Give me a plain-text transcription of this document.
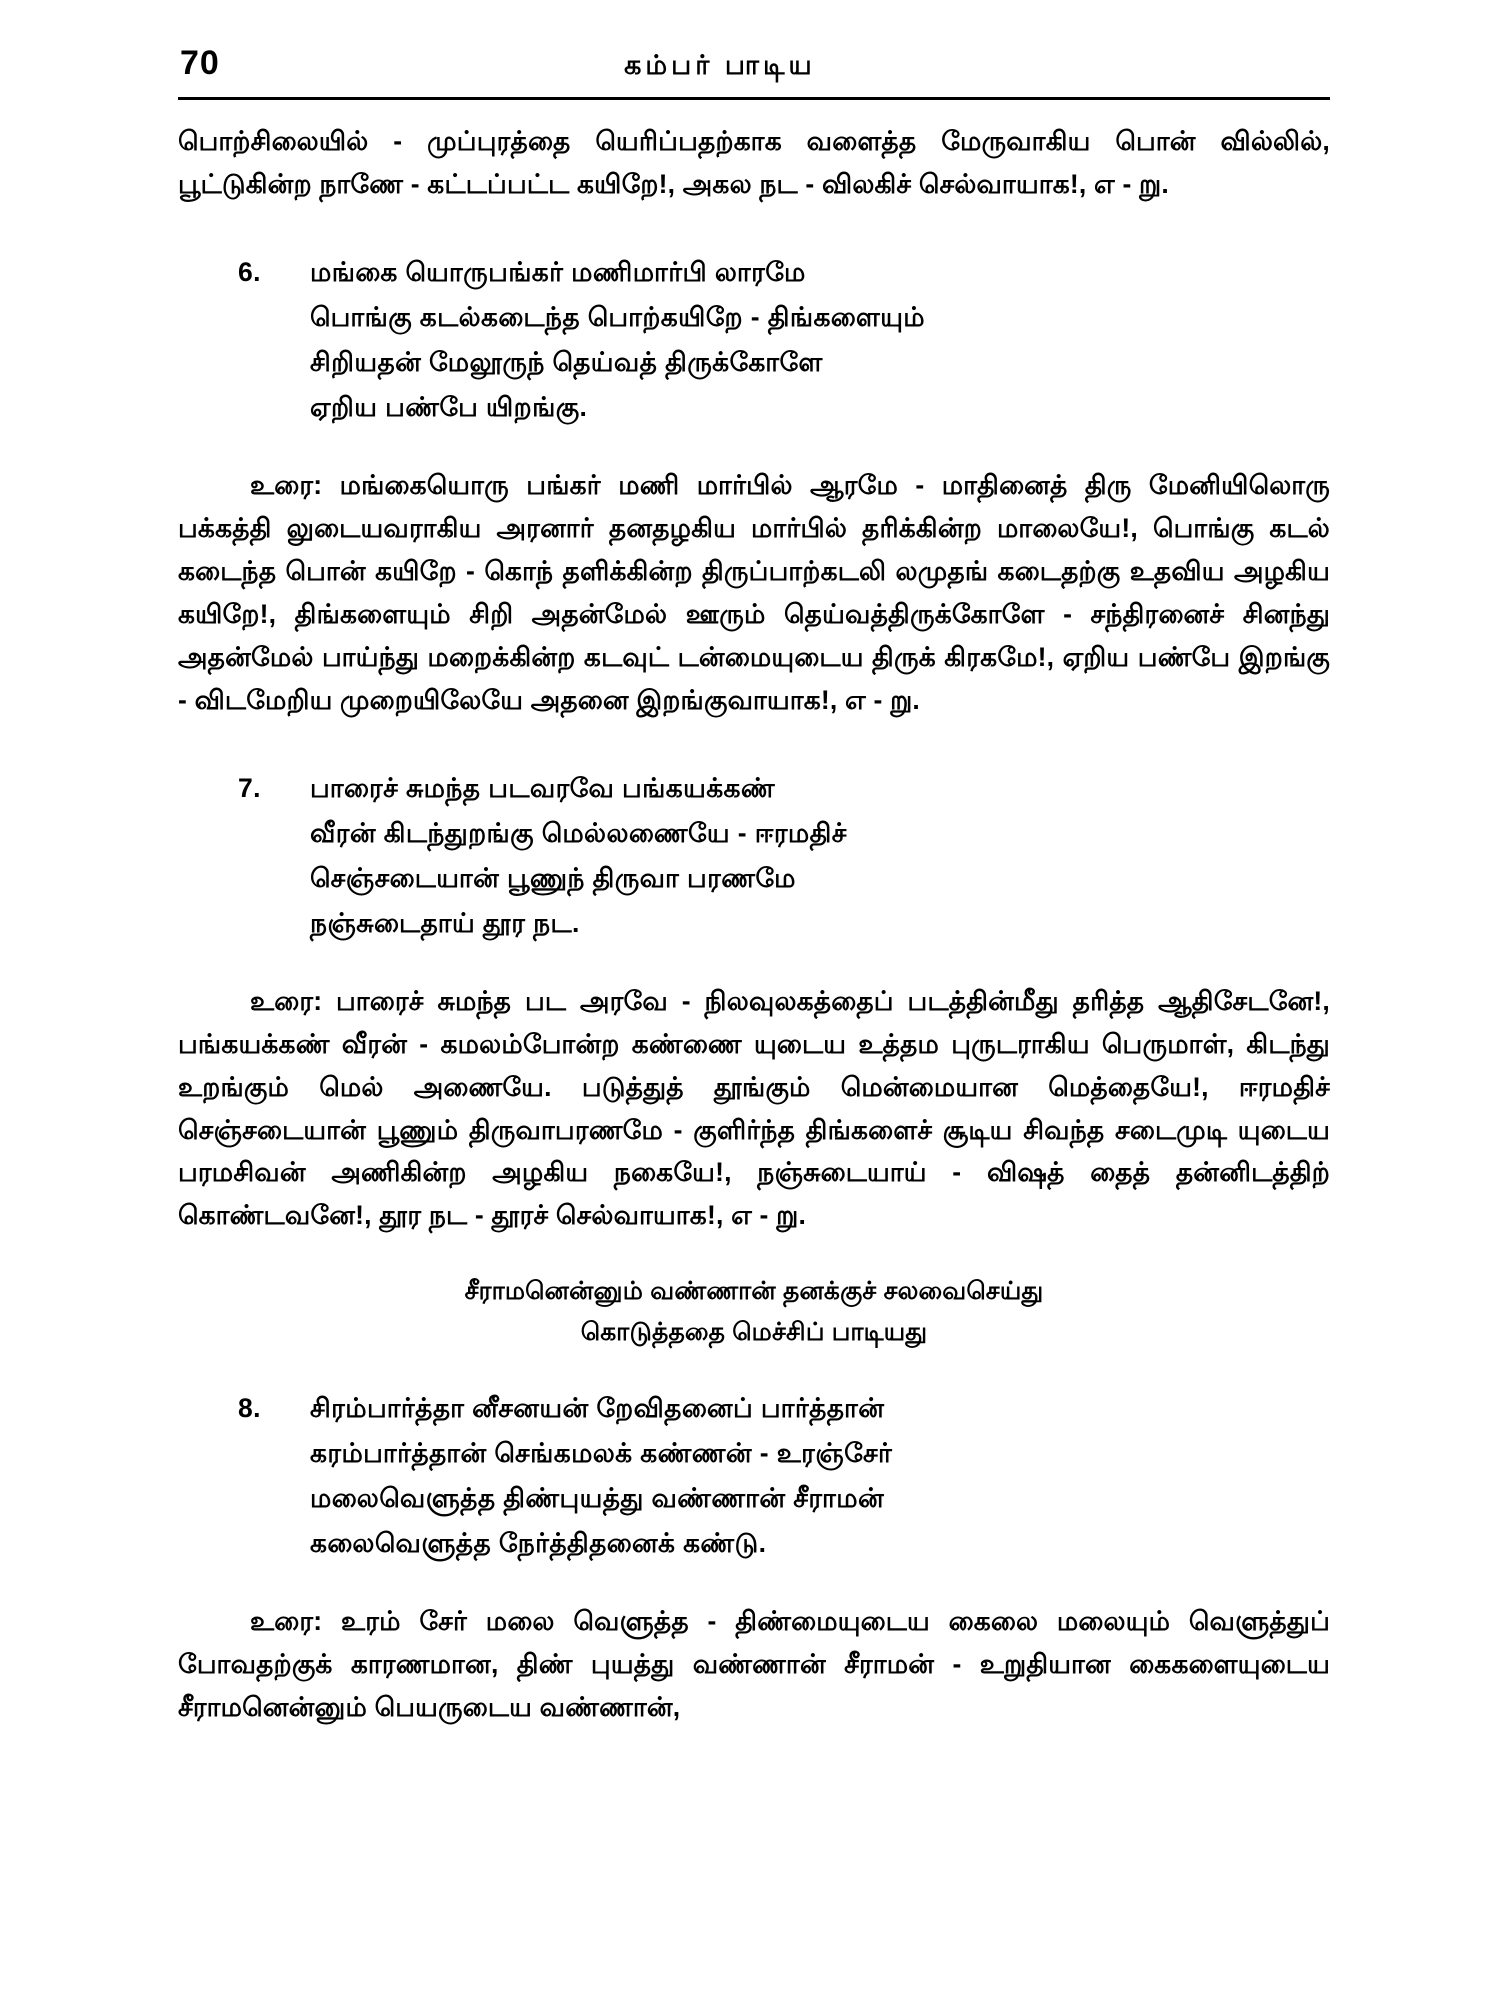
70	கம்பர் பாடிய

பொற்சிலையில் - முப்புரத்தை யெரிப்பதற்காக வளைத்த மேருவாகிய பொன் வில்லில், பூட்டுகின்ற நாணே - கட்டப்பட்ட கயிறே!, அகல நட - விலகிச் செல்வாயாக!, எ - று.

6.	மங்கை யொருபங்கர் மணிமார்பி லாரமே
பொங்கு கடல்கடைந்த பொற்கயிறே - திங்களையும்
சிறியதன் மேலூருந் தெய்வத் திருக்கோளே
ஏறிய பண்பே யிறங்கு.

உரை: மங்கையொரு பங்கர் மணி மார்பில் ஆரமே - மாதினைத் திரு மேனியிலொரு பக்கத்தி லுடையவராகிய அரனார் தனதழகிய மார்பில் தரிக்கின்ற மாலையே!, பொங்கு கடல் கடைந்த பொன் கயிறே - கொந் தளிக்கின்ற திருப்பாற்கடலி லமுதங் கடைதற்கு உதவிய அழகிய கயிறே!, திங்களையும் சிறி அதன்மேல் ஊரும் தெய்வத்திருக்கோளே - சந்திரனைச் சினந்து அதன்மேல் பாய்ந்து மறைக்கின்ற கடவுட் டன்மையுடைய திருக் கிரகமே!, ஏறிய பண்பே இறங்கு - விடமேறிய முறையிலேயே அதனை இறங்குவாயாக!, எ - று.

7.	பாரைச் சுமந்த படவரவே பங்கயக்கண்
வீரன் கிடந்துறங்கு மெல்லணையே - ஈரமதிச்
செஞ்சடையான் பூணுந் திருவா பரணமே
நஞ்சுடைதாய் தூர நட.

உரை: பாரைச் சுமந்த பட அரவே - நிலவுலகத்தைப் படத்தின்மீது தரித்த ஆதிசேடனே!, பங்கயக்கண் வீரன் - கமலம்போன்ற கண்ணை யுடைய உத்தம புருடராகிய பெருமாள், கிடந்து உறங்கும் மெல் அணையே. படுத்துத் தூங்கும் மென்மையான மெத்தையே!, ஈரமதிச் செஞ்சடையான் பூணும் திருவாபரணமே - குளிர்ந்த திங்களைச் சூடிய சிவந்த சடைமுடி யுடைய பரமசிவன் அணிகின்ற அழகிய நகையே!, நஞ்சுடையாய் - விஷத் தைத் தன்னிடத்திற் கொண்டவனே!, தூர நட - தூரச் செல்வாயாக!, எ - று.

சீராமனென்னும் வண்ணான் தனக்குச் சலவைசெய்து

கொடுத்ததை மெச்சிப் பாடியது

8.	சிரம்பார்த்தா னீசனயன் றேவிதனைப் பார்த்தான்
கரம்பார்த்தான் செங்கமலக் கண்ணன் - உரஞ்சேர்
மலைவெளுத்த திண்புயத்து வண்ணான் சீராமன்
கலைவெளுத்த நேர்த்திதனைக் கண்டு.

உரை: உரம் சேர் மலை வெளுத்த - திண்மையுடைய கைலை மலையும் வெளுத்துப் போவதற்குக் காரணமான, திண் புயத்து வண்ணான் சீராமன் - உறுதியான கைகளையுடைய சீராமனென்னும் பெயருடைய வண்ணான்,
